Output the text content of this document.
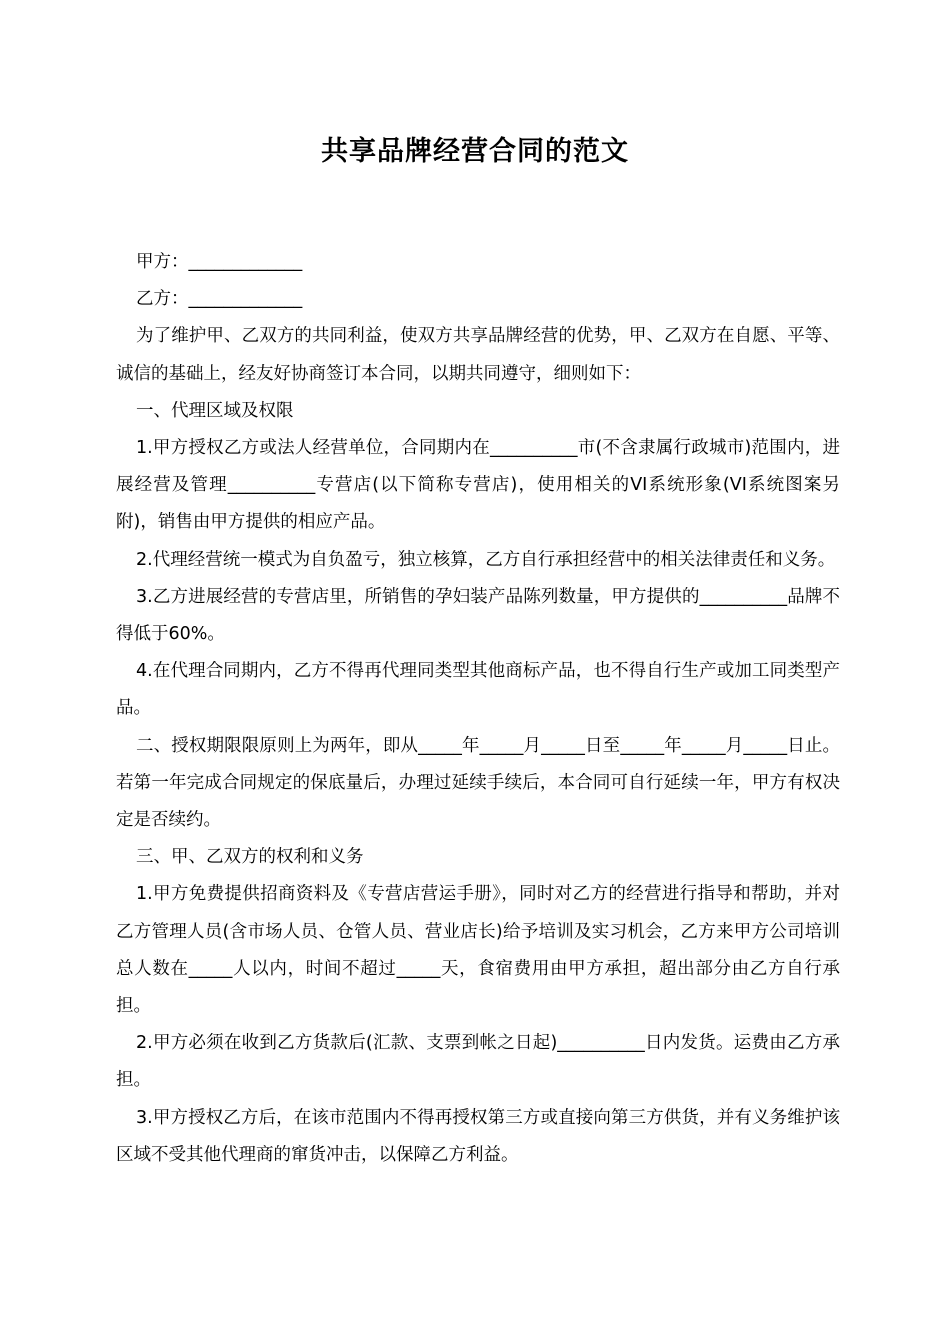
共享品牌经营合同的范文

甲方：_____________

乙方：_____________

为了维护甲、乙双方的共同利益，使双方共享品牌经营的优势，甲、乙双方在自愿、平等、诚信的基础上，经友好协商签订本合同，以期共同遵守，细则如下：

一、代理区域及权限

1.甲方授权乙方或法人经营单位，合同期内在__________市(不含隶属行政城市)范围内，进展经营及管理__________专营店(以下简称专营店)，使用相关的VI系统形象(VI系统图案另附)，销售由甲方提供的相应产品。

2.代理经营统一模式为自负盈亏，独立核算，乙方自行承担经营中的相关法律责任和义务。

3.乙方进展经营的专营店里，所销售的孕妇装产品陈列数量，甲方提供的__________品牌不得低于60%。

4.在代理合同期内，乙方不得再代理同类型其他商标产品，也不得自行生产或加工同类型产品。

二、授权期限限原则上为两年，即从_____年_____月_____日至_____年_____月_____日止。若第一年完成合同规定的保底量后，办理过延续手续后，本合同可自行延续一年，甲方有权决定是否续约。

三、甲、乙双方的权利和义务

1.甲方免费提供招商资料及《专营店营运手册》，同时对乙方的经营进行指导和帮助，并对乙方管理人员(含市场人员、仓管人员、营业店长)给予培训及实习机会，乙方来甲方公司培训总人数在_____人以内，时间不超过_____天，食宿费用由甲方承担，超出部分由乙方自行承担。

2.甲方必须在收到乙方货款后(汇款、支票到帐之日起)__________日内发货。运费由乙方承担。

3.甲方授权乙方后，在该市范围内不得再授权第三方或直接向第三方供货，并有义务维护该区域不受其他代理商的窜货冲击，以保障乙方利益。
